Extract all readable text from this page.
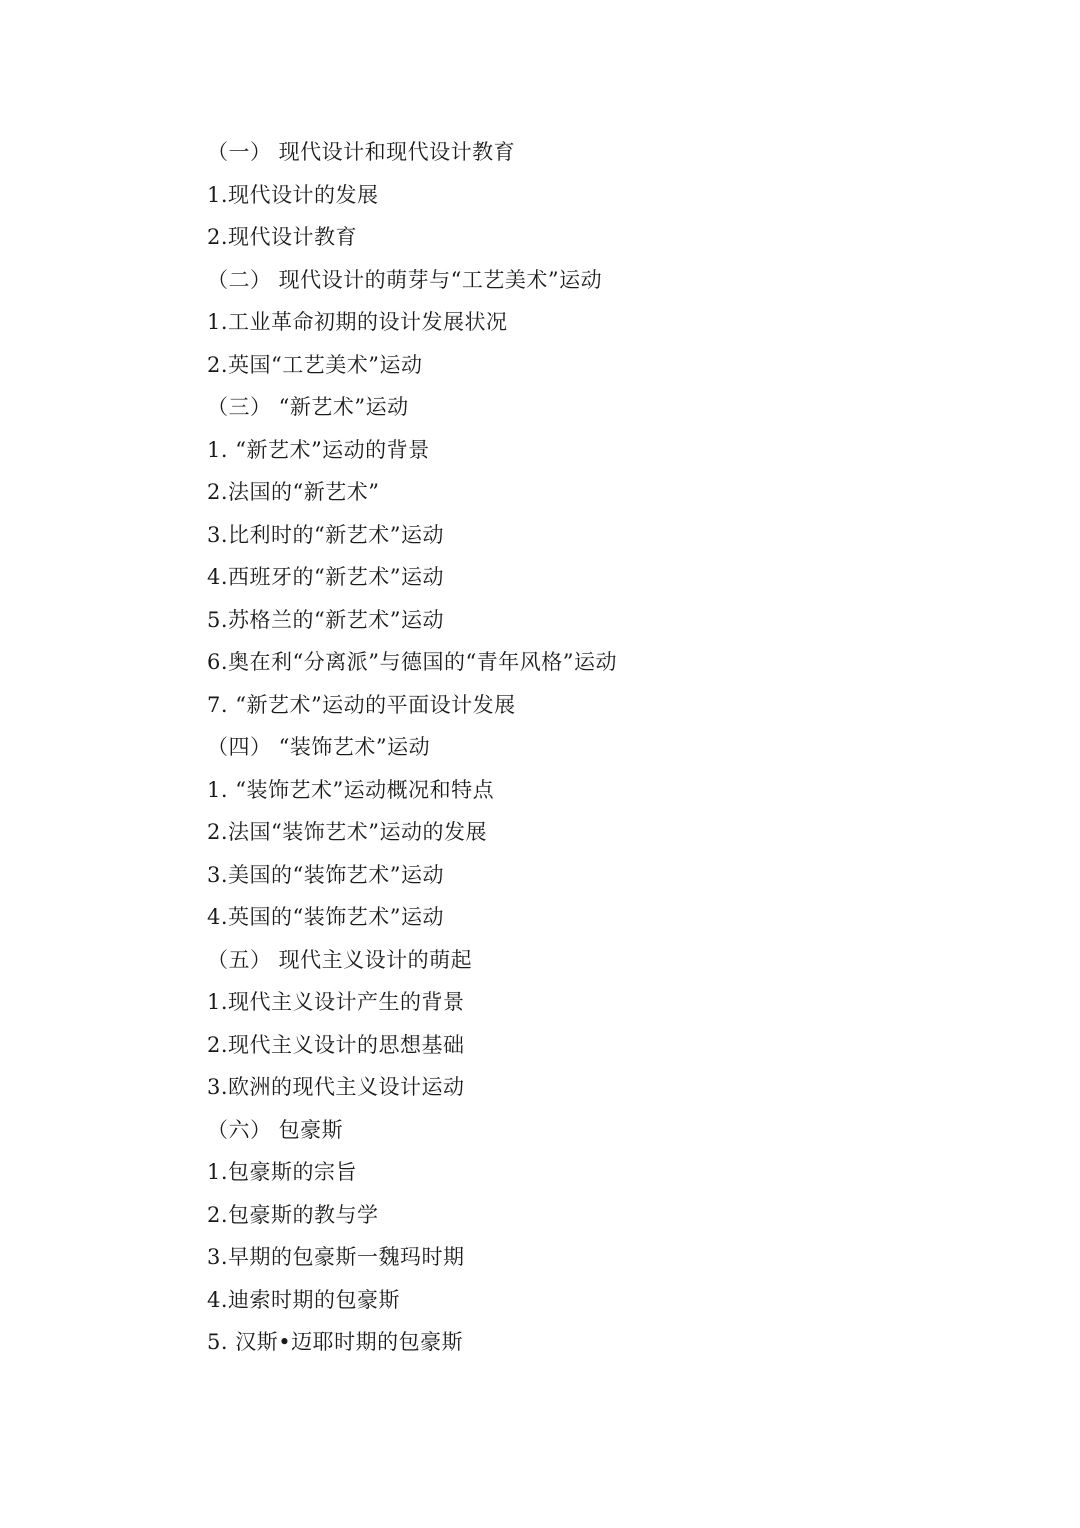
（一） 现代设计和现代设计教育
1.现代设计的发展
2.现代设计教育
（二） 现代设计的萌芽与“工艺美术”运动
1.工业革命初期的设计发展状况
2.英国“工艺美术”运动
（三） “新艺术”运动
1. “新艺术”运动的背景
2.法国的“新艺术”
3.比利时的“新艺术”运动
4.西班牙的“新艺术”运动
5.苏格兰的“新艺术”运动
6.奥在利“分离派”与德国的“青年风格”运动
7. “新艺术”运动的平面设计发展
（四） “装饰艺术”运动
1. “装饰艺术”运动概况和特点
2.法国“装饰艺术”运动的发展
3.美国的“装饰艺术”运动
4.英国的“装饰艺术”运动
（五） 现代主义设计的萌起
1.现代主义设计产生的背景
2.现代主义设计的思想基础
3.欧洲的现代主义设计运动
（六） 包豪斯
1.包豪斯的宗旨
2.包豪斯的教与学
3.早期的包豪斯一魏玛时期
4.迪索时期的包豪斯
5. 汉斯•迈耶时期的包豪斯
